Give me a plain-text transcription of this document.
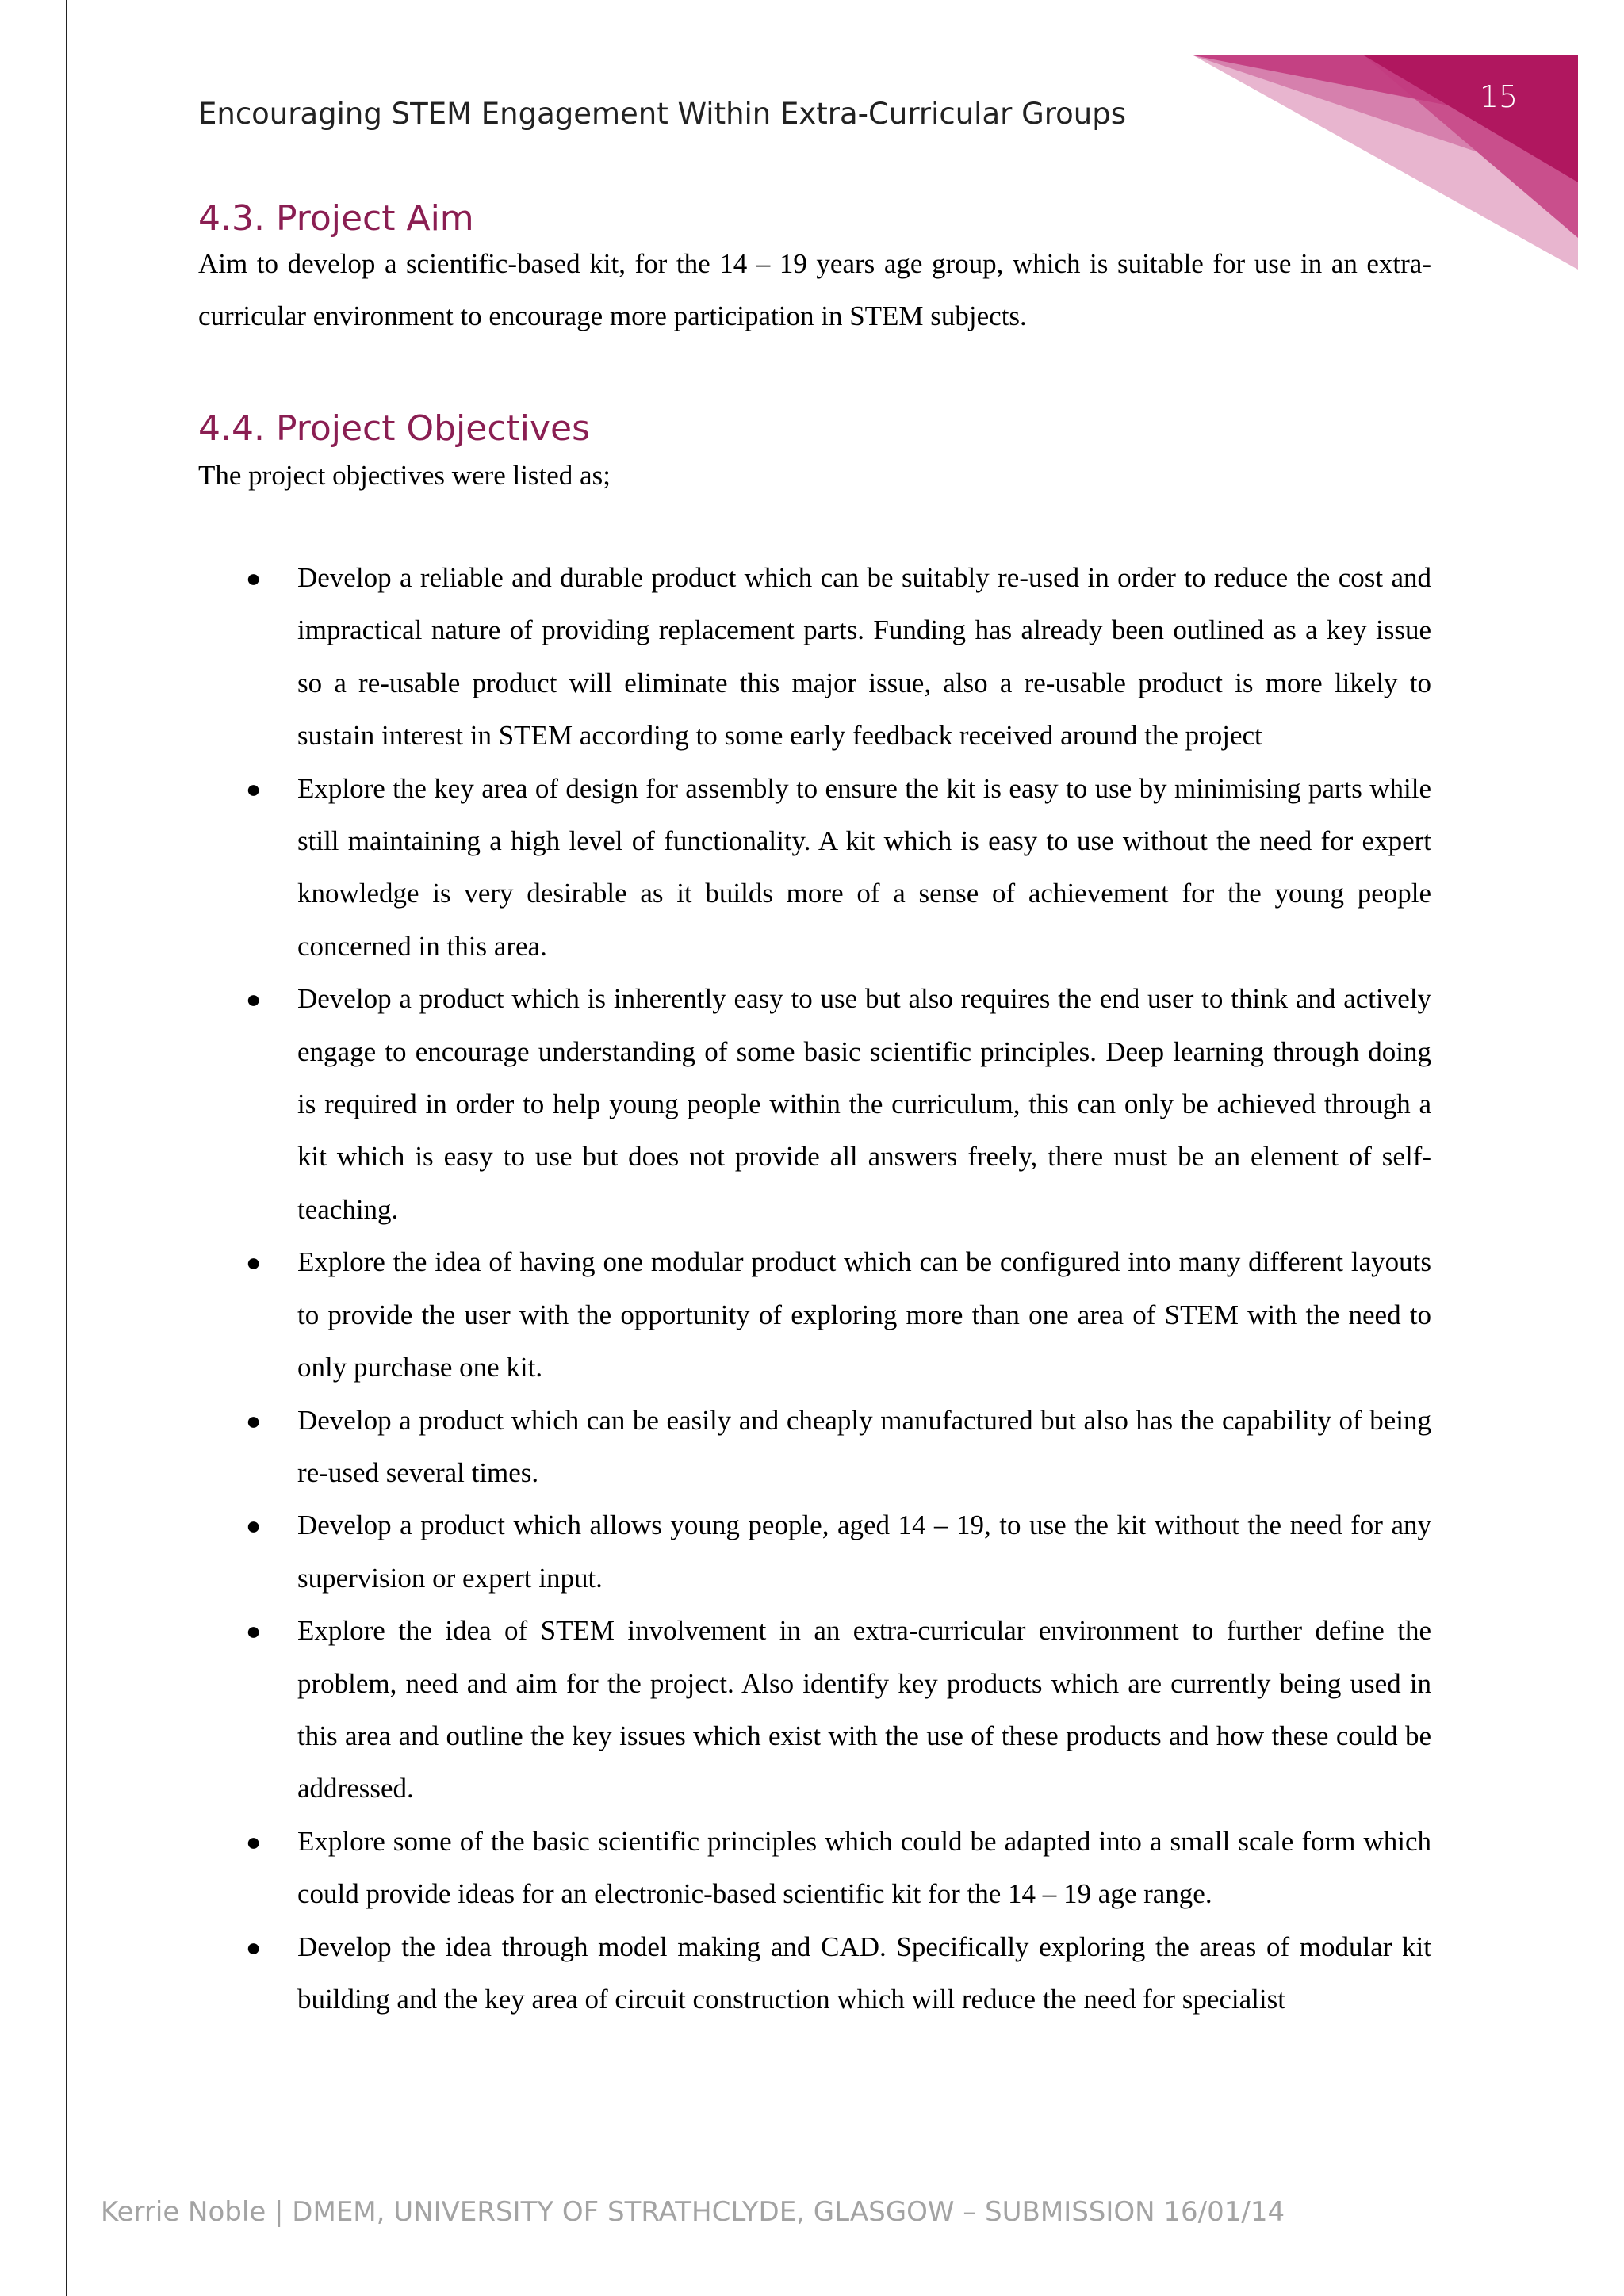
15
Encouraging STEM Engagement Within Extra-Curricular Groups
4.3. Project Aim

Aim to develop a scientific-based kit, for the 14 – 19 years age group, which is suitable for use in an extra-curricular environment to encourage more participation in STEM subjects.

4.4. Project Objectives

The project objectives were listed as;

● Develop a reliable and durable product which can be suitably re-used in order to reduce the cost and impractical nature of providing replacement parts. Funding has already been outlined as a key issue so a re-usable product will eliminate this major issue, also a re-usable product is more likely to sustain interest in STEM according to some early feedback received around the project
● Explore the key area of design for assembly to ensure the kit is easy to use by minimising parts while still maintaining a high level of functionality. A kit which is easy to use without the need for expert knowledge is very desirable as it builds more of a sense of achievement for the young people concerned in this area.
● Develop a product which is inherently easy to use but also requires the end user to think and actively engage to encourage understanding of some basic scientific principles. Deep learning through doing is required in order to help young people within the curriculum, this can only be achieved through a kit which is easy to use but does not provide all answers freely, there must be an element of self-teaching.
● Explore the idea of having one modular product which can be configured into many different layouts to provide the user with the opportunity of exploring more than one area of STEM with the need to only purchase one kit.
● Develop a product which can be easily and cheaply manufactured but also has the capability of being re-used several times.
● Develop a product which allows young people, aged 14 – 19, to use the kit without the need for any supervision or expert input.
● Explore the idea of STEM involvement in an extra-curricular environment to further define the problem, need and aim for the project. Also identify key products which are currently being used in this area and outline the key issues which exist with the use of these products and how these could be addressed.
● Explore some of the basic scientific principles which could be adapted into a small scale form which could provide ideas for an electronic-based scientific kit for the 14 – 19 age range.
● Develop the idea through model making and CAD. Specifically exploring the areas of modular kit building and the key area of circuit construction which will reduce the need for specialist
Kerrie Noble | DMEM, UNIVERSITY OF STRATHCLYDE, GLASGOW – SUBMISSION 16/01/14
